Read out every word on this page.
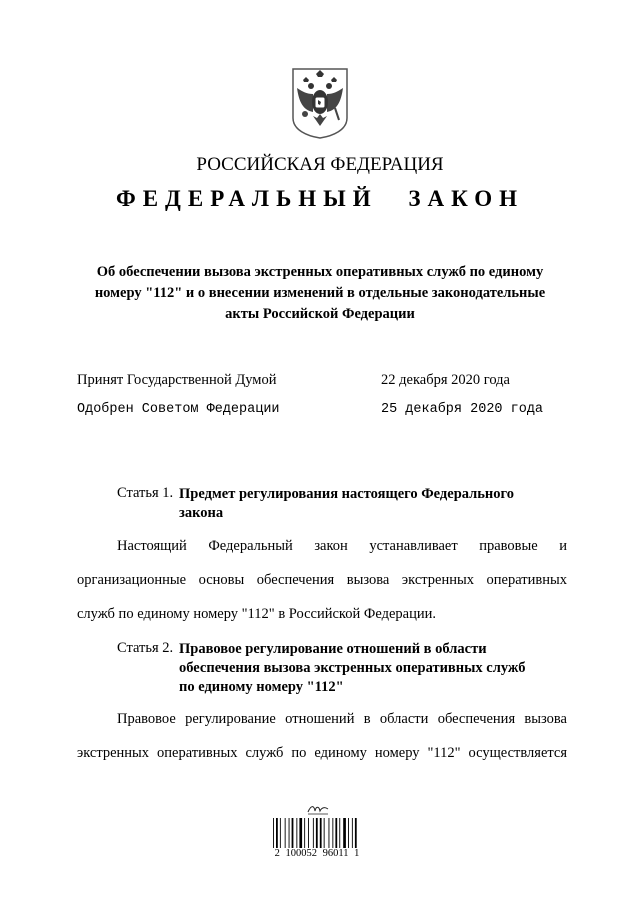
РОССИЙСКАЯ ФЕДЕРАЦИЯ
ФЕДЕРАЛЬНЫЙ ЗАКОН
Об обеспечении вызова экстренных оперативных служб по единому
номеру "112" и о внесении изменений в отдельные законодательные
акты Российской Федерации
Принят Государственной Думой	22 декабря 2020 года
Одобрен Советом Федерации	25 декабря 2020 года
Статья 1. Предмет регулирования настоящего Федерального
закона
Настоящий Федеральный закон устанавливает правовые и
организационные основы обеспечения вызова экстренных оперативных
служб по единому номеру "112" в Российской Федерации.
Статья 2. Правовое регулирование отношений в области
обеспечения вызова экстренных оперативных служб
по единому номеру "112"
Правовое регулирование отношений в области обеспечения вызова
экстренных оперативных служб по единому номеру "112" осуществляется
2 100052 96011 1
